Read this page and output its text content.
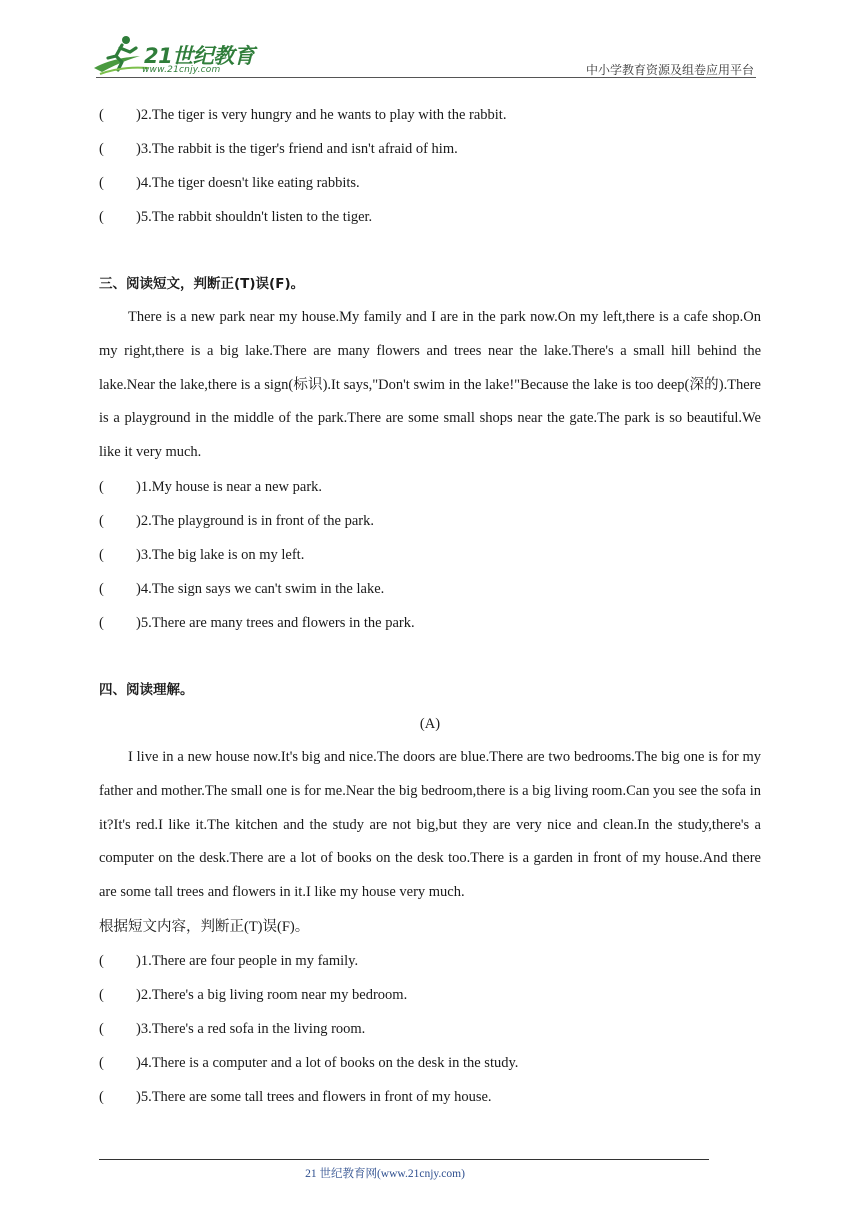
21世纪教育
www.21cnjy.com	中小学教育资源及组卷应用平台
( )2.The tiger is very hungry and he wants to play with the rabbit.
( )3.The rabbit is the tiger's friend and isn't afraid of him.
( )4.The tiger doesn't like eating rabbits.
( )5.The rabbit shouldn't listen to the tiger.
三、阅读短文，判断正(T)误(F)。

There is a new park near my house.My family and I are in the park now.On my left,there is a cafe shop.On my right,there is a big lake.There are many flowers and trees near the lake.There's a small hill behind the lake.Near the lake,there is a sign(标识).It says,"Don't swim in the lake!"Because the lake is too deep(深的).There is a playground in the middle of the park.There are some small shops near the gate.The park is so beautiful.We like it very much.

( )1.My house is near a new park.
( )2.The playground is in front of the park.
( )3.The big lake is on my left.
( )4.The sign says we can't swim in the lake.
( )5.There are many trees and flowers in the park.
四、阅读理解。
(A)

I live in a new house now.It's big and nice.The doors are blue.There are two bedrooms.The big one is for my father and mother.The small one is for me.Near the big bedroom,there is a big living room.Can you see the sofa in it?It's red.I like it.The kitchen and the study are not big,but they are very nice and clean.In the study,there's a computer on the desk.There are a lot of books on the desk too.There is a garden in front of my house.And there are some tall trees and flowers in it.I like my house very much.

根据短文内容，判断正(T)误(F)。
( )1.There are four people in my family.
( )2.There's a big living room near my bedroom.
( )3.There's a red sofa in the living room.
( )4.There is a computer and a lot of books on the desk in the study.
( )5.There are some tall trees and flowers in front of my house.
21 世纪教育网(www.21cnjy.com)
